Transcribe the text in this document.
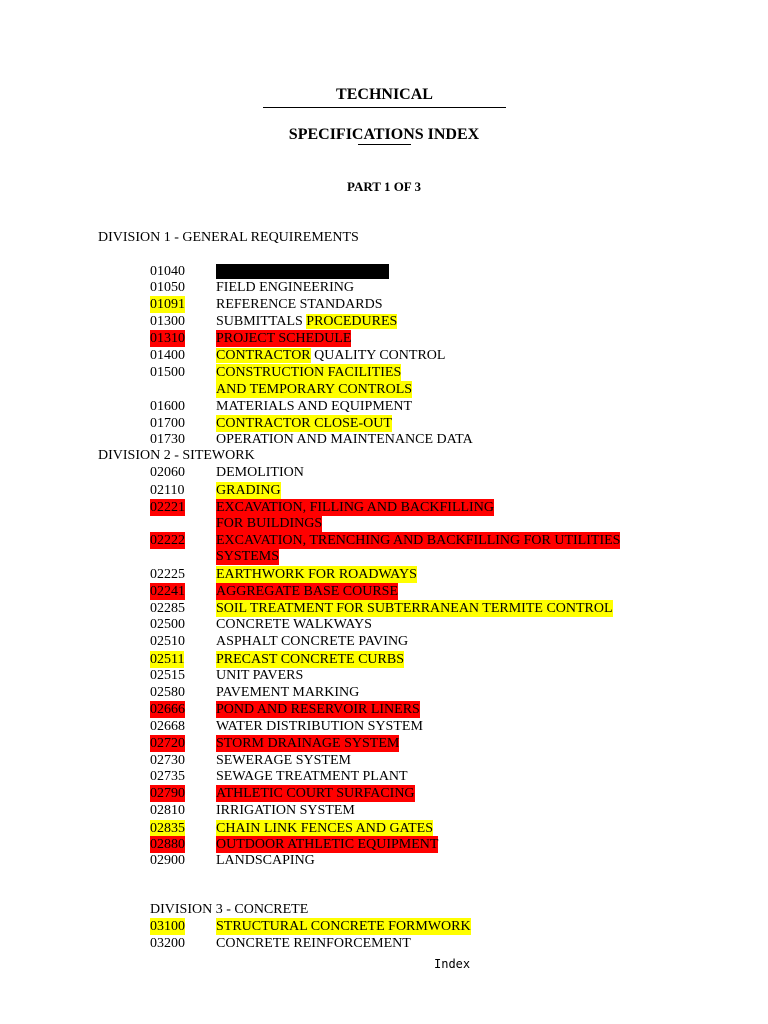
TECHNICAL
SPECIFICATIONS INDEX
PART 1 OF 3
DIVISION 1 - GENERAL REQUIREMENTS
01040
01050 FIELD ENGINEERING
01091 REFERENCE STANDARDS
01300 SUBMITTALS PROCEDURES
01310 PROJECT SCHEDULE
01400 CONTRACTOR QUALITY CONTROL
01500 CONSTRUCTION FACILITIES
AND TEMPORARY CONTROLS
01600 MATERIALS AND EQUIPMENT
01700 CONTRACTOR CLOSE-OUT
01730 OPERATION AND MAINTENANCE DATA
DIVISION 2 - SITEWORK
02060 DEMOLITION
02110 GRADING
02221 EXCAVATION, FILLING AND BACKFILLING
FOR BUILDINGS
02222 EXCAVATION, TRENCHING AND BACKFILLING FOR UTILITIES
SYSTEMS
02225 EARTHWORK FOR ROADWAYS
02241 AGGREGATE BASE COURSE
02285 SOIL TREATMENT FOR SUBTERRANEAN TERMITE CONTROL
02500 CONCRETE WALKWAYS
02510 ASPHALT CONCRETE PAVING
02511 PRECAST CONCRETE CURBS
02515 UNIT PAVERS
02580 PAVEMENT MARKING
02666 POND AND RESERVOIR LINERS
02668 WATER DISTRIBUTION SYSTEM
02720 STORM DRAINAGE SYSTEM
02730 SEWERAGE SYSTEM
02735 SEWAGE TREATMENT PLANT
02790 ATHLETIC COURT SURFACING
02810 IRRIGATION SYSTEM
02835 CHAIN LINK FENCES AND GATES
02880 OUTDOOR ATHLETIC EQUIPMENT
02900 LANDSCAPING
DIVISION 3 - CONCRETE
03100 STRUCTURAL CONCRETE FORMWORK
03200 CONCRETE REINFORCEMENT
Index
